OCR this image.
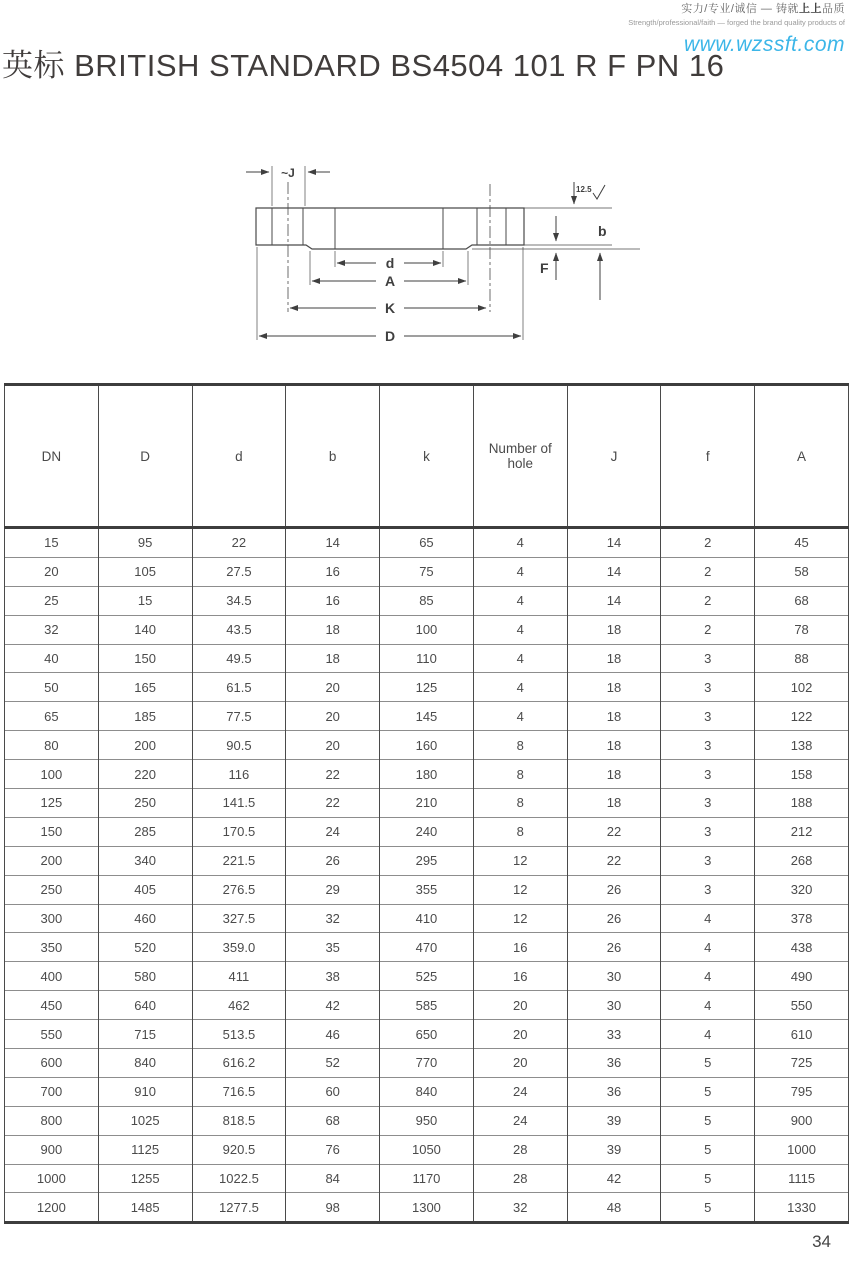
实力/专业/诚信 — 铸就上上品质
Strength/professional/faith — forged the brand quality products of
www.wzssft.com
英标 BRITISH STANDARD BS4504 101 R F PN 16
~J
12.5
b
F
d
A
K
D
DN	D	d	b	k	Number of hole	J	f	A
15	95	22	14	65	4	14	2	45
20	105	27.5	16	75	4	14	2	58
25	15	34.5	16	85	4	14	2	68
32	140	43.5	18	100	4	18	2	78
40	150	49.5	18	110	4	18	3	88
50	165	61.5	20	125	4	18	3	102
65	185	77.5	20	145	4	18	3	122
80	200	90.5	20	160	8	18	3	138
100	220	116	22	180	8	18	3	158
125	250	141.5	22	210	8	18	3	188
150	285	170.5	24	240	8	22	3	212
200	340	221.5	26	295	12	22	3	268
250	405	276.5	29	355	12	26	3	320
300	460	327.5	32	410	12	26	4	378
350	520	359.0	35	470	16	26	4	438
400	580	411	38	525	16	30	4	490
450	640	462	42	585	20	30	4	550
550	715	513.5	46	650	20	33	4	610
600	840	616.2	52	770	20	36	5	725
700	910	716.5	60	840	24	36	5	795
800	1025	818.5	68	950	24	39	5	900
900	1125	920.5	76	1050	28	39	5	1000
1000	1255	1022.5	84	1170	28	42	5	1115
1200	1485	1277.5	98	1300	32	48	5	1330
34
